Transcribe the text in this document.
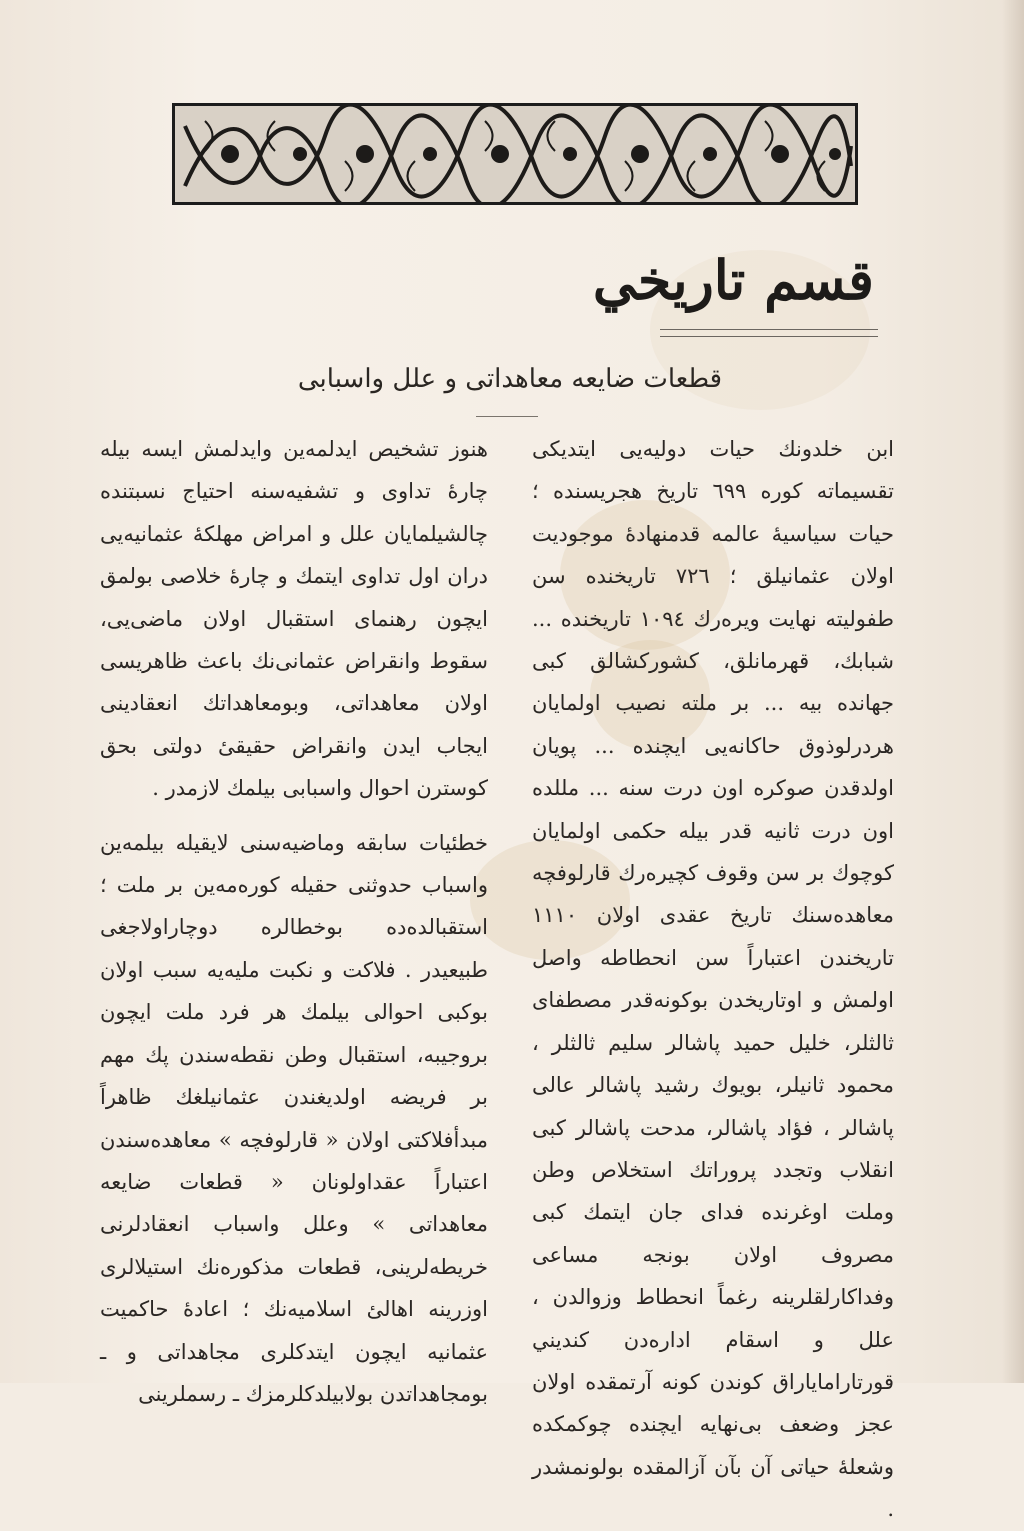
قسم تاريخي
قطعات ضايعه معاهداتی و علل واسبابی

ابن خلدونك حيات دولیه‌یی ايتديكی تقسیماته كوره ٦٩٩ تاريخ هجريسنده ؛ حيات سياسيهٔ عالمه قدمنهادهٔ موجوديت اولان عثمانيلق ؛ ٧٢٦ تاريخنده سن طفوليته نهايت ويره‌رك ١٠٩٤ تاريخنده ... شبابك، قهرمانلق، كشوركشالق كبی جهانده بيه ... بر ملته نصيب اولمايان هردرلوذوق حاكانه‌يی ايچنده ... پويان اولدقدن صوكره اون درت سنه ... مللده اون درت ثانيه قدر بيله حكمی اولمايان كوچوك بر سن وقوف كچيره‌رك قارلوفچه معاهده‌سنك تاريخ عقدی اولان ١١١٠ تاريخندن اعتباراً سن انحطاطه واصل اولمش و اوتاريخدن بوكونه‌قدر مصطفای ثالثلر، خليل حميد پاشالر سليم ثالثلر ، محمود ثانيلر، بويوك رشيد پاشالر عالی پاشالر ، فؤاد پاشالر، مدحت پاشالر كبی انقلاب وتجدد پروراتك استخلاص وطن وملت اوغرنده فدای جان ايتمك كبی مصروف اولان بونجه مساعی وفداكارلقلرينه رغماً انحطاط وزوالدن ، علل و اسقام اداره‌دن كنديني قورتاراماياراق كوندن كونه آرتمقده اولان عجز وضعف بی‌نهايه ايچنده چوكمكده وشعلهٔ حياتی آن بآن آزالمقده بولونمشدر .

هنوز تشخيص ايدلمه‌ين وايدلمش ايسه بيله چارهٔ تداوی و تشفيه‌سنه احتياج نسبتنده چالشيلمايان علل و امراض مهلكهٔ عثمانيه‌يی دران اول تداوی ايتمك و چارهٔ خلاصی بولمق ايچون رهنمای استقبال اولان ماضی‌يی، سقوط وانقراض عثمانی‌نك باعث ظاهريسی اولان معاهداتی، وبومعاهداتك انعقادينی ايجاب ايدن وانقراض حقيقیٔ دولتی بحق كوسترن احوال واسبابی بيلمك لازمدر .

خطئيات سابقه وماضيه‌سنی لايقيله بيلمه‌ين واسباب حدوثنی حقيله كوره‌مه‌ين بر ملت ؛ استقبالده‌ده بوخطالره دوچاراولاجغی طبيعيدر . فلاكت و نكبت مليه‌يه سبب اولان بوكبی احوالی بيلمك هر فرد ملت ايچون بروجيبه، استقبال وطن نقطه‌سندن پك مهم بر فريضه اولديغندن عثمانيلغك ظاهراً مبدأفلاكتی اولان « قارلوفچه » معاهده‌سندن اعتباراً عقداولونان « قطعات ضايعه معاهداتی » وعلل واسباب انعقادلرنی خريطه‌لرينی، قطعات مذكوره‌نك استيلالری اوزرينه اهالئ اسلاميه‌نك ؛ اعادهٔ حاكميت عثمانيه ايچون ايتدكلری مجاهداتی و ـ بومجاهداتدن بولابيلدكلرمزك ـ رسملرينی
